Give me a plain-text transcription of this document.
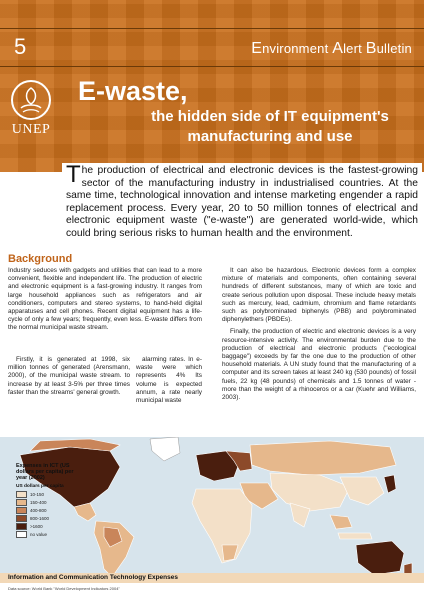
5	Environment Alert Bulletin
UNEP
E-waste,
the hidden side of IT equipment's manufacturing and use
The production of electrical and electronic devices is the fastest-growing sector of the manufacturing industry in industrialised countries. At the same time, technological innovation and intense marketing engender a rapid replacement process. Every year, 20 to 50 million tonnes of electrical and electronic equipment waste ("e-waste") are generated world-wide, which could bring serious risks to human health and the environment.
Background

Industry seduces with gadgets and utilities that can lead to a more convenient, flexible and independent life. The production of electric and electronic equipment is a fast-growing industry. It ranges from large household appliances such as refrigerators and air conditioners, computers and stereo systems, to hand-held digital apparatuses and cell phones. Recent digital equipment has a life-cycle of only a few years; frequently, even less. E-waste differs from the normal municipal waste stream.

Firstly, it is generated at 1998, six million tonnes of generated (Arensmann, 2000), of the municipal waste stream. to increase by at least 3-5% per three times faster than the streams' general growth.

alarming rates. In e-waste were which represents 4% Its volume is expected annum, a rate nearly municipal waste

It can also be hazardous. Electronic devices form a complex mixture of materials and components, often containing several hundreds of different substances, many of which are toxic and create serious pollution upon disposal. These include heavy metals such as mercury, lead, cadmium, chromium and flame retardants such as polybrominated biphenyls (PBB) and polybrominated diphenylethers (PBDEs).

Finally, the production of electric and electronic devices is a very resource-intensive activity. The environmental burden due to the production of electrical and electronic products ("ecological baggage") exceeds by far the one due to the production of other household materials. A UN study found that the manufacturing of a computer and its screen takes at least 240 kg (530 pounds) of fossil fuels, 22 kg (48 pounds) of chemicals and 1.5 tonnes of water - more than the weight of a rhinoceros or a car (Kuehr and Williams, 2003).

Expenses in ICT (US dollars per capita) per year (2002)
US dollars per capita
10-150
150-400
400-800
800-1600
>1600
no value
Information and Communication Technology Expenses
Data source: World Bank "World Development Indicators 2004"
